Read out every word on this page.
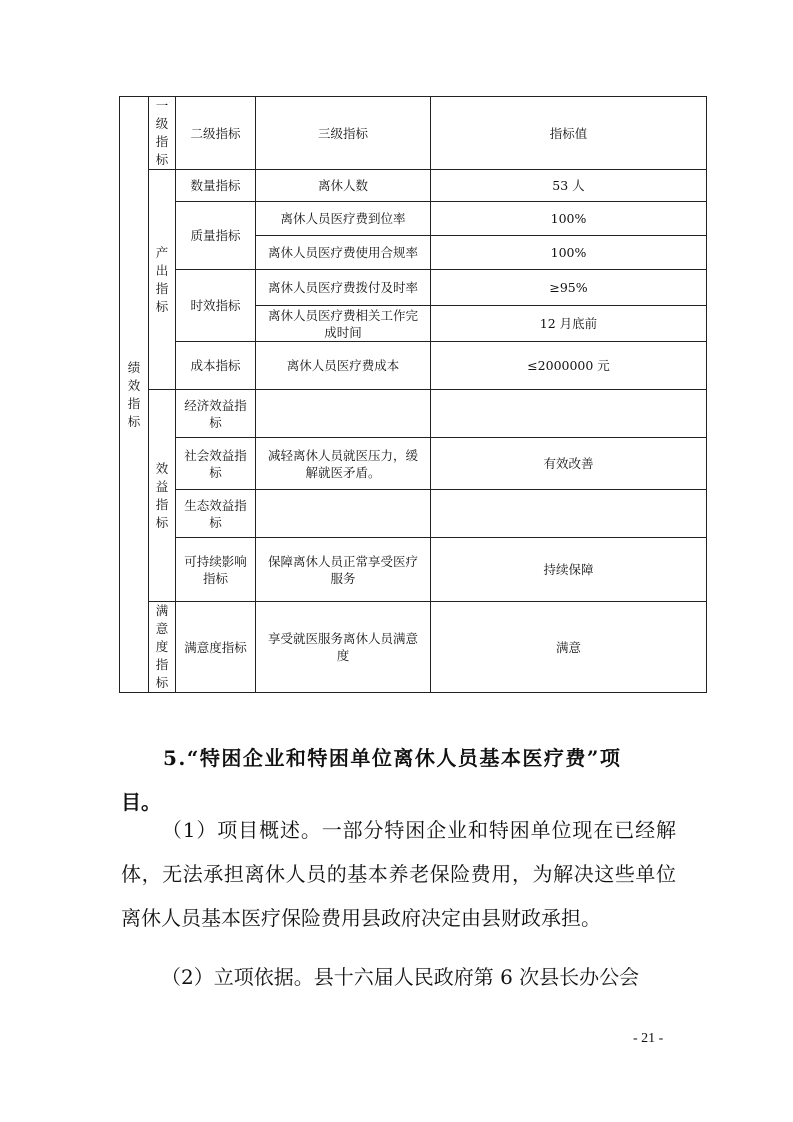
绩效指标	一级指标	二级指标	三级指标	指标值
	产出指标	数量指标	离休人数	53 人
		质量指标	离休人员医疗费到位率	100%
			离休人员医疗费使用合规率	100%
		时效指标	离休人员医疗费拨付及时率	≥95%
			离休人员医疗费相关工作完成时间	12 月底前
		成本指标	离休人员医疗费成本	≤2000000 元
	效益指标	经济效益指标		
		社会效益指标	减轻离休人员就医压力，缓解就医矛盾。	有效改善
		生态效益指标		
		可持续影响指标	保障离休人员正常享受医疗服务	持续保障
	满意度指标	满意度指标	享受就医服务离休人员满意度	满意
5.“特困企业和特困单位离休人员基本医疗费”项
目。
（1）项目概述。一部分特困企业和特困单位现在已经解体，无法承担离休人员的基本养老保险费用，为解决这些单位离休人员基本医疗保险费用县政府决定由县财政承担。
（2）立项依据。县十六届人民政府第 6 次县长办公会
- 21 -
